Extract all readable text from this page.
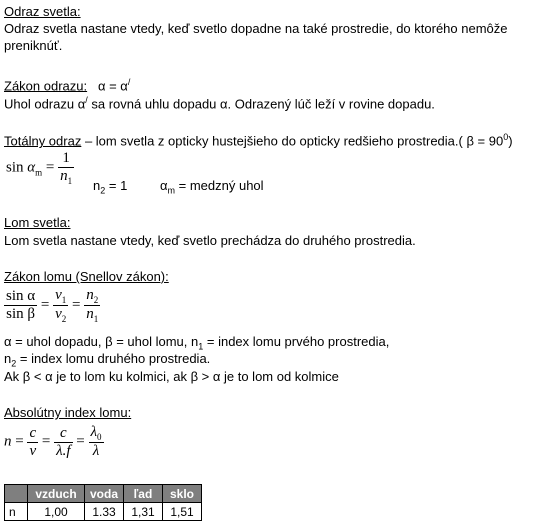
Odraz svetla:
Odraz svetla nastane vtedy, keď svetlo dopadne na také prostredie, do ktorého nemôže
preniknúť.
Zákon odrazu: α = α/
Uhol odrazu α/ sa rovná uhlu dopadu α. Odrazený lúč leží v rovine dopadu.
Totálny odraz – lom svetla z opticky hustejšieho do opticky redšieho prostredia.( $\beta = 90^0$)
$\sin \alpha_m = \frac{1}{n_1} n_2 = 1$	$\alpha_m$ = medzný uhol
Lom svetla:
Lom svetla nastane vtedy, keď svetlo prechádza do druhého prostredia.
Zákon lomu (Snellov zákon):
$\frac{\text{sin α}}{\text{sin β}} = \frac{v_1}{v_2} = \frac{n_2}{n_1}$
α = uhol dopadu, β = uhol lomu, $n_1$ = index lomu prvého prostredia,
$n_2$ = index lomu druhého prostredia.
Ak β < α je to lom ku kolmici, ak β > α je to lom od kolmice
Absolútny index lomu:
$n = \frac{c}{v} = \frac{c}{\lambda.f} = \frac{\lambda_0}{\lambda}$
	vzduch	voda	ľad	sklo
n	1,00	1.33	1,31	1,51
